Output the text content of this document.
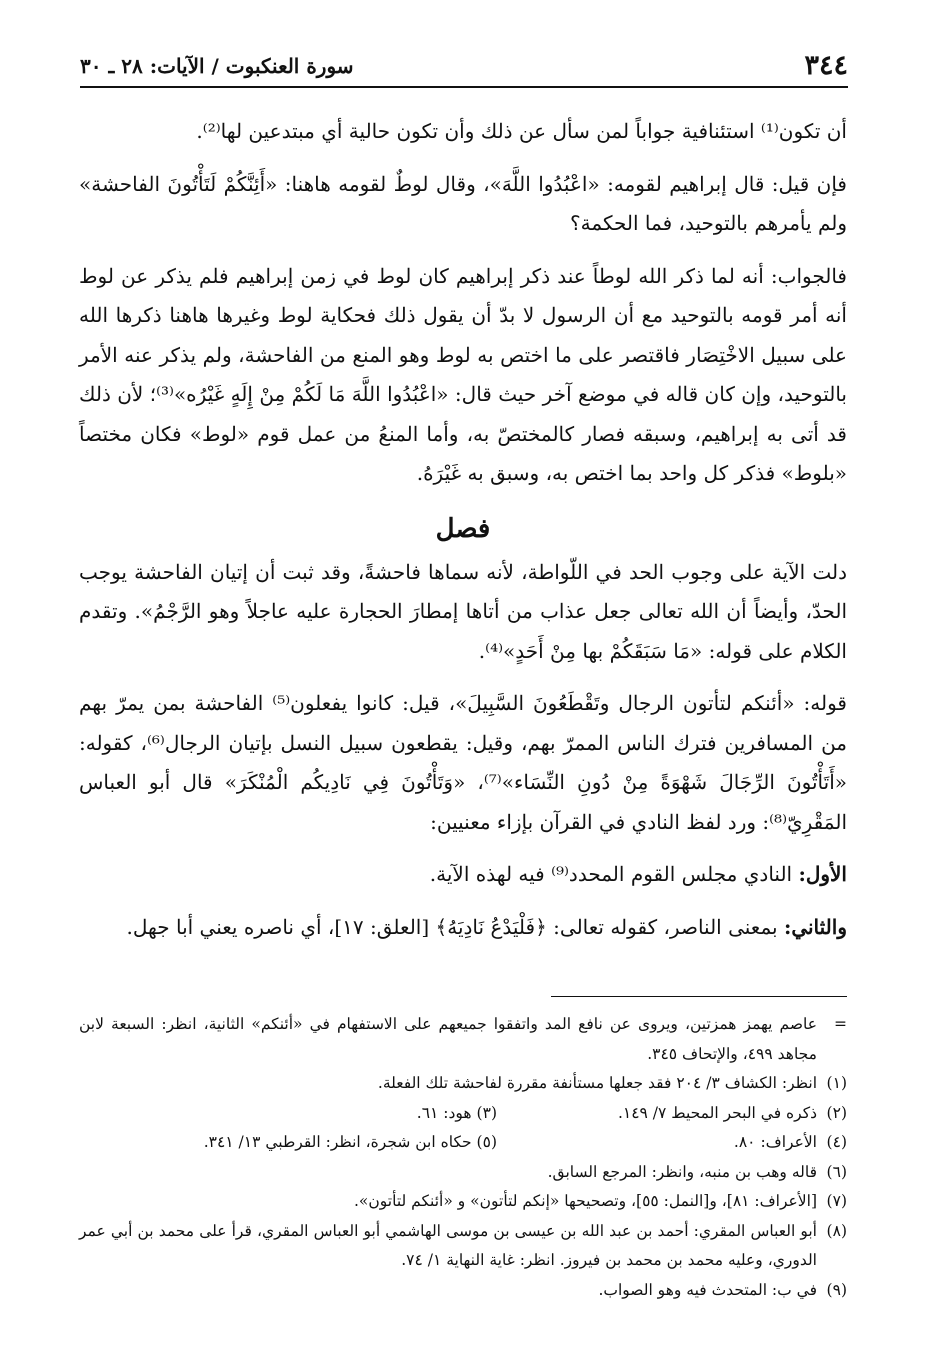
٣٤٤
سورة العنكبوت / الآيات: ٢٨ ـ ٣٠

أن تكون⁽¹⁾ استئنافية جواباً لمن سأل عن ذلك وأن تكون حالية أي مبتدعين لها⁽²⁾.

فإن قيل: قال إبراهيم لقومه: «اعْبُدُوا اللَّهَ»، وقال لوطٌ لقومه هاهنا: «أَئِنَّكُمْ لَتَأْتُونَ الفاحشة» ولم يأمرهم بالتوحيد، فما الحكمة؟

فالجواب: أنه لما ذكر الله لوطاً عند ذكر إبراهيم كان لوط في زمن إبراهيم فلم يذكر عن لوط أنه أمر قومه بالتوحيد مع أن الرسول لا بدّ أن يقول ذلك فحكاية لوط وغيرها هاهنا ذكرها الله على سبيل الاخْتِصَار فاقتصر على ما اختص به لوط وهو المنع من الفاحشة، ولم يذكر عنه الأمر بالتوحيد، وإن كان قاله في موضع آخر حيث قال: «اعْبُدُوا اللَّهَ مَا لَكُمْ مِنْ إِلَهٍ غَيْرُه»⁽³⁾؛ لأن ذلك قد أتى به إبراهيم، وسبقه فصار كالمختصّ به، وأما المنعُ من عمل قوم «لوط» فكان مختصاً «بلوط» فذكر كل واحد بما اختص به، وسبق به غَيْرَهُ.

فصل

دلت الآية على وجوب الحد في اللّواطة، لأنه سماها فاحشةً، وقد ثبت أن إتيان الفاحشة يوجب الحدّ، وأيضاً أن الله تعالى جعل عذاب من أتاها إمطارَ الحجارة عليه عاجلاً وهو الرَّجْمُ». وتقدم الكلام على قوله: «مَا سَبَقَكُمْ بها مِنْ أَحَدٍ»⁽⁴⁾.

قوله: «أئنكم لتأتون الرجال وتَقْطَعُونَ السَّبِيلَ»، قيل: كانوا يفعلون⁽⁵⁾ الفاحشة بمن يمرّ بهم من المسافرين فترك الناس الممرّ بهم، وقيل: يقطعون سبيل النسل بإتيان الرجال⁽⁶⁾، كقوله: «أَتَأْتُونَ الرِّجَالَ شَهْوَةً مِنْ دُونِ النِّسَاء»⁽⁷⁾، «وَتَأْتُونَ فِي نَادِيكُم الْمُنْكَرَ» قال أبو العباس المَقْرِيّ⁽⁸⁾: ورد لفظ النادي في القرآن بإزاء معنيين:

الأول: النادي مجلس القوم المحدد⁽⁹⁾ فيه لهذه الآية.

والثاني: بمعنى الناصر، كقوله تعالى: ﴿فَلْيَدْعُ نَادِيَهُ﴾ [العلق: ١٧]، أي ناصره يعني أبا جهل.

=
عاصم يهمز همزتين، ويروى عن نافع المد واتفقوا جميعهم على الاستفهام في «أئنكم» الثانية، انظر: السبعة لابن مجاهد ٤٩٩، والإتحاف ٣٤٥.
(١)
انظر: الكشاف ٣/ ٢٠٤ فقد جعلها مستأنفة مقررة لفاحشة تلك الفعلة.
(٢)
ذكره في البحر المحيط ٧/ ١٤٩.
(٣) هود: ٦١.
(٤)
الأعراف: ٨٠.
(٥) حكاه ابن شجرة، انظر: القرطبي ١٣/ ٣٤١.
(٦)
قاله وهب بن منبه، وانظر: المرجع السابق.
(٧)
[الأعراف: ٨١]، و[النمل: ٥٥]، وتصحيحها «إنكم لتأتون» و «أئنكم لتأتون».
(٨)
أبو العباس المقري: أحمد بن عبد الله بن عيسى بن موسى الهاشمي أبو العباس المقري، قرأ على محمد بن أبي عمر الدوري، وعليه محمد بن محمد بن فيروز. انظر: غاية النهاية ١/ ٧٤.
(٩)
في ب: المتحدث فيه وهو الصواب.
